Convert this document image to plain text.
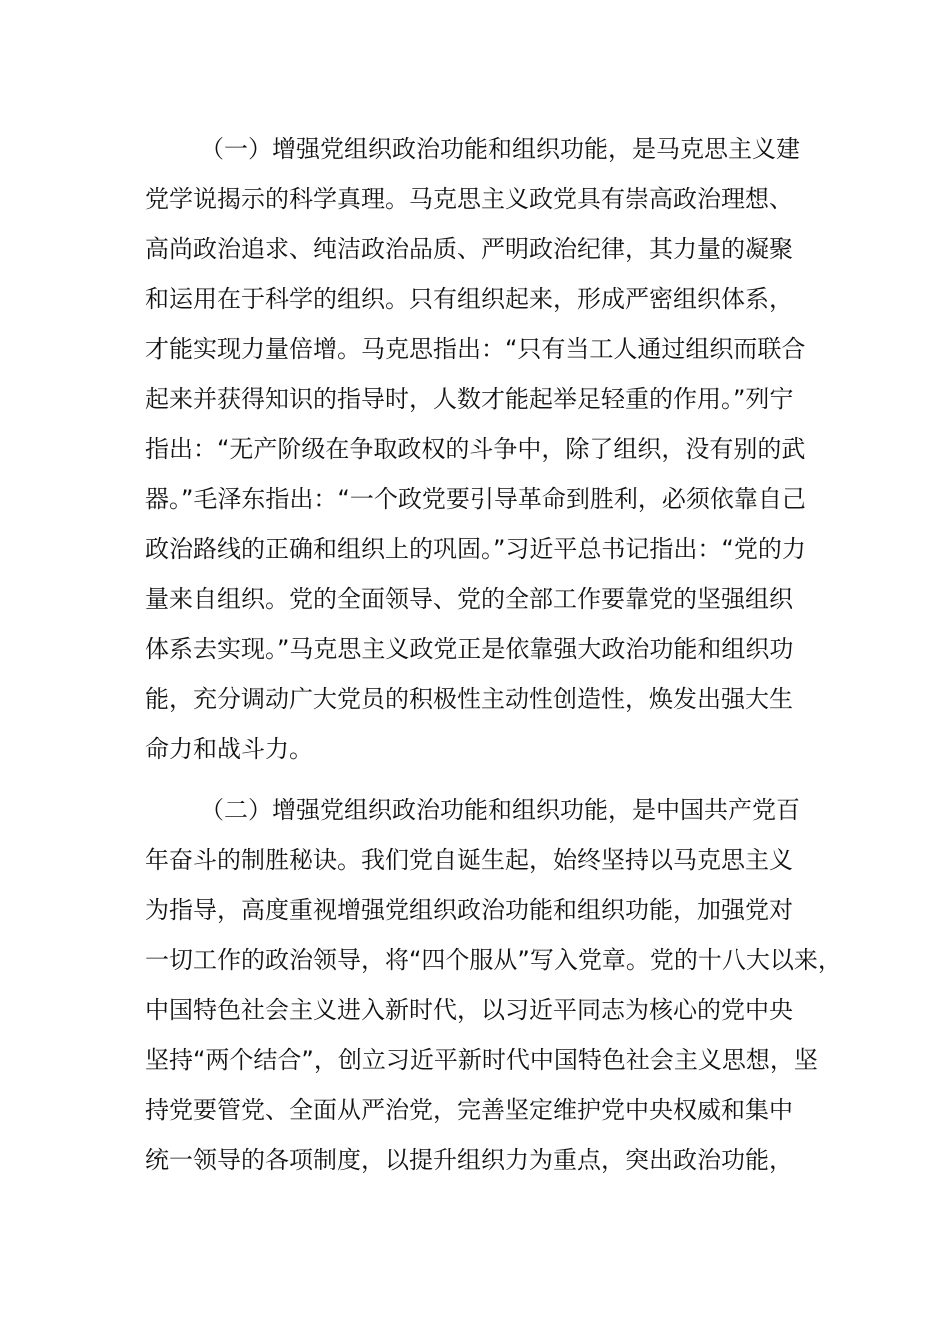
（一）增强党组织政治功能和组织功能，是马克思主义建
党学说揭示的科学真理。马克思主义政党具有崇高政治理想、
高尚政治追求、纯洁政治品质、严明政治纪律，其力量的凝聚
和运用在于科学的组织。只有组织起来，形成严密组织体系，
才能实现力量倍增。马克思指出：“只有当工人通过组织而联合
起来并获得知识的指导时，人数才能起举足轻重的作用。”列宁
指出：“无产阶级在争取政权的斗争中，除了组织，没有别的武
器。”毛泽东指出：“一个政党要引导革命到胜利，必须依靠自己
政治路线的正确和组织上的巩固。”习近平总书记指出：“党的力
量来自组织。党的全面领导、党的全部工作要靠党的坚强组织
体系去实现。”马克思主义政党正是依靠强大政治功能和组织功
能，充分调动广大党员的积极性主动性创造性，焕发出强大生
命力和战斗力。
（二）增强党组织政治功能和组织功能，是中国共产党百
年奋斗的制胜秘诀。我们党自诞生起，始终坚持以马克思主义
为指导，高度重视增强党组织政治功能和组织功能，加强党对
一切工作的政治领导，将“四个服从”写入党章。党的十八大以来，
中国特色社会主义进入新时代，以习近平同志为核心的党中央
坚持“两个结合”，创立习近平新时代中国特色社会主义思想，坚
持党要管党、全面从严治党，完善坚定维护党中央权威和集中
统一领导的各项制度，以提升组织力为重点，突出政治功能，
